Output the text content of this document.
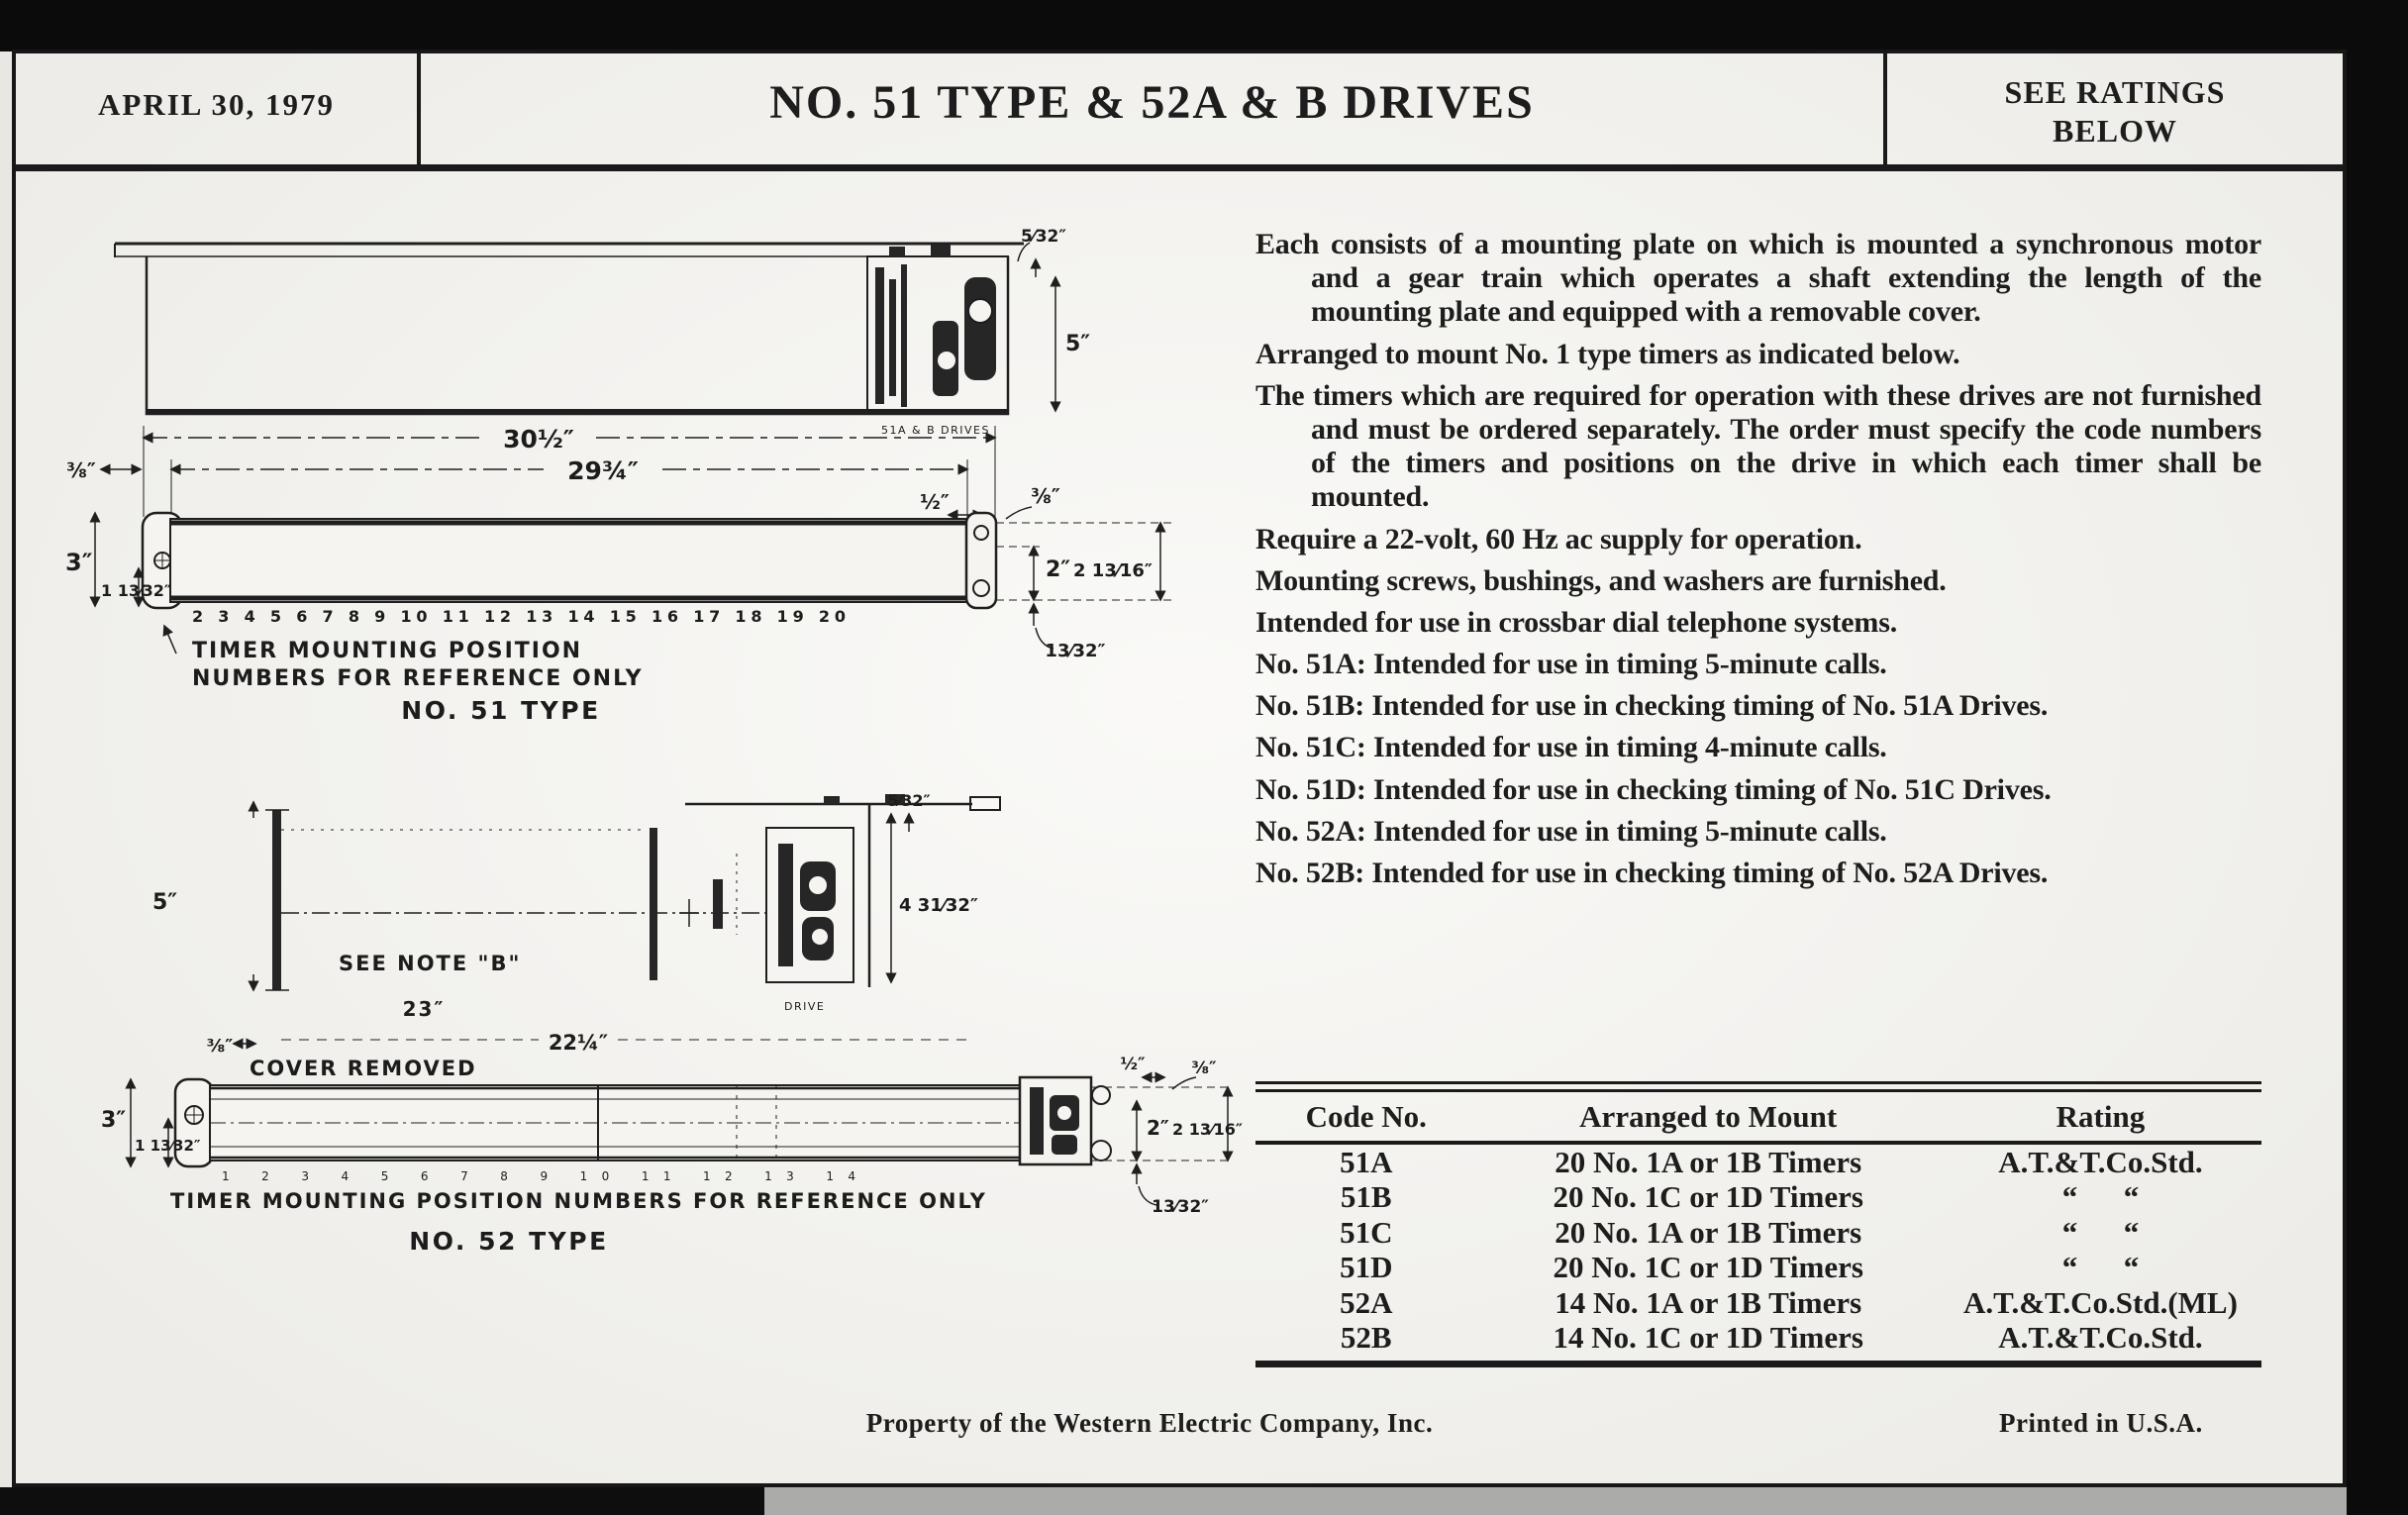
APRIL 30, 1979	NO. 51 TYPE & 52A & B DRIVES	SEE RATINGS
BELOW
5⁄32″
5″
51A & B DRIVES
30½″
29¾″
⅜″
½″	⅜″
2″ 2 13⁄16″
13⁄32″
3″
1 13⁄32″
2 3 4 5 6 7 8 9 10 11 12 13 14 15 16 17 18 19 20
TIMER MOUNTING POSITION
NUMBERS FOR REFERENCE ONLY
NO. 51 TYPE
5″
DRIVE
5⁄32″
4 31⁄32″
SEE NOTE "B"
23″
⅜″	22¼″
COVER REMOVED	½″	⅜″
2″ 2 13⁄16″
13⁄32″
3″
1 13⁄32″
1 2 3 4 5 6 7 8 9 10 11 12 13 14
TIMER MOUNTING POSITION NUMBERS FOR REFERENCE ONLY
NO. 52 TYPE

Each consists of a mounting plate on which is mounted a synchronous motor and a gear train which operates a shaft extending the length of the mounting plate and equipped with a removable cover.

Arranged to mount No. 1 type timers as indicated below.

The timers which are required for operation with these drives are not furnished and must be ordered separately. The order must specify the code numbers of the timers and positions on the drive in which each timer shall be mounted.

Require a 22-volt, 60 Hz ac supply for operation.

Mounting screws, bushings, and washers are furnished.

Intended for use in crossbar dial telephone systems.

No. 51A: Intended for use in timing 5-minute calls.

No. 51B: Intended for use in checking timing of No. 51A Drives.

No. 51C: Intended for use in timing 4-minute calls.

No. 51D: Intended for use in checking timing of No. 51C Drives.

No. 52A: Intended for use in timing 5-minute calls.

No. 52B: Intended for use in checking timing of No. 52A Drives.

Code No.	Arranged to Mount	Rating
51A	20 No. 1A or 1B Timers	A.T.&T.Co.Std.
51B	20 No. 1C or 1D Timers	“      “
51C	20 No. 1A or 1B Timers	“      “
51D	20 No. 1C or 1D Timers	“      “
52A	14 No. 1A or 1B Timers	A.T.&T.Co.Std.(ML)
52B	14 No. 1C or 1D Timers	A.T.&T.Co.Std.
Property of the Western Electric Company, Inc.	Printed in U.S.A.
